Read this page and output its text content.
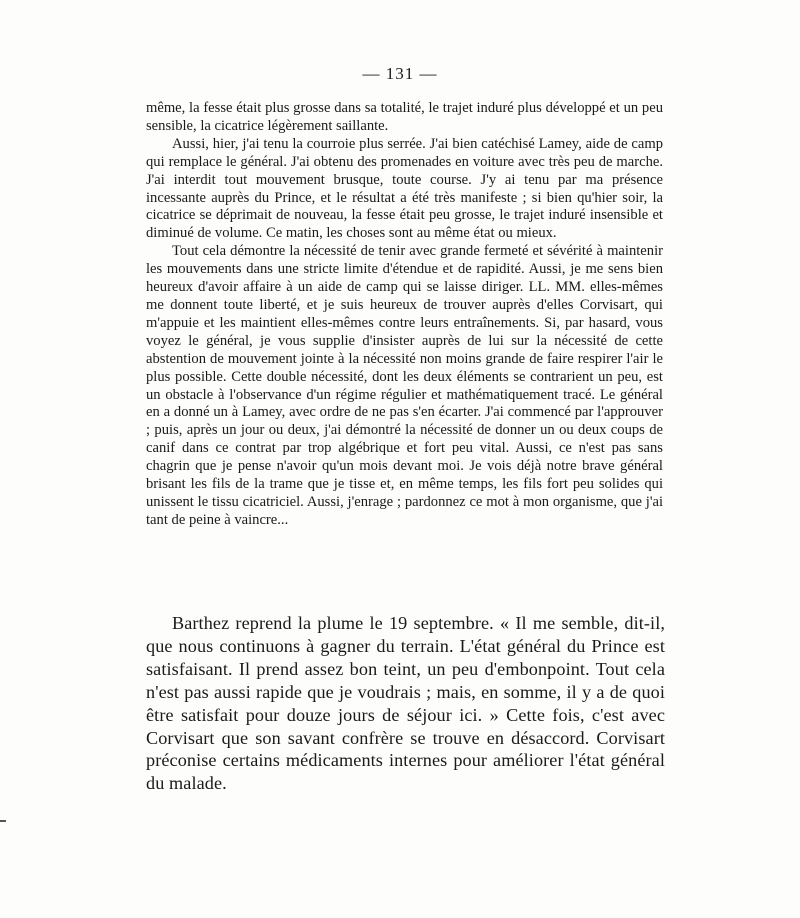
— 131 —

même, la fesse était plus grosse dans sa totalité, le trajet induré plus développé et un peu sensible, la cicatrice légèrement saillante.

Aussi, hier, j'ai tenu la courroie plus serrée. J'ai bien catéchisé Lamey, aide de camp qui remplace le général. J'ai obtenu des promenades en voiture avec très peu de marche. J'ai interdit tout mouvement brusque, toute course. J'y ai tenu par ma présence incessante auprès du Prince, et le résultat a été très manifeste ; si bien qu'hier soir, la cicatrice se déprimait de nouveau, la fesse était peu grosse, le trajet induré insensible et diminué de volume. Ce matin, les choses sont au même état ou mieux.

Tout cela démontre la nécessité de tenir avec grande fermeté et sévérité à maintenir les mouvements dans une stricte limite d'étendue et de rapidité. Aussi, je me sens bien heureux d'avoir affaire à un aide de camp qui se laisse diriger. LL. MM. elles-mêmes me donnent toute liberté, et je suis heureux de trouver auprès d'elles Corvisart, qui m'appuie et les maintient elles-mêmes contre leurs entraînements. Si, par hasard, vous voyez le général, je vous supplie d'insister auprès de lui sur la nécessité de cette abstention de mouvement jointe à la nécessité non moins grande de faire respirer l'air le plus possible. Cette double nécessité, dont les deux éléments se contrarient un peu, est un obstacle à l'observance d'un régime régulier et mathématiquement tracé. Le général en a donné un à Lamey, avec ordre de ne pas s'en écarter. J'ai commencé par l'approuver ; puis, après un jour ou deux, j'ai démontré la nécessité de donner un ou deux coups de canif dans ce contrat par trop algébrique et fort peu vital. Aussi, ce n'est pas sans chagrin que je pense n'avoir qu'un mois devant moi. Je vois déjà notre brave général brisant les fils de la trame que je tisse et, en même temps, les fils fort peu solides qui unissent le tissu cicatriciel. Aussi, j'enrage ; pardonnez ce mot à mon organisme, que j'ai tant de peine à vaincre...

Barthez reprend la plume le 19 septembre. « Il me semble, dit-il, que nous continuons à gagner du terrain. L'état général du Prince est satisfaisant. Il prend assez bon teint, un peu d'embonpoint. Tout cela n'est pas aussi rapide que je voudrais ; mais, en somme, il y a de quoi être satisfait pour douze jours de séjour ici. » Cette fois, c'est avec Corvisart que son savant confrère se trouve en désaccord. Corvisart préconise certains médicaments internes pour améliorer l'état général du malade.
